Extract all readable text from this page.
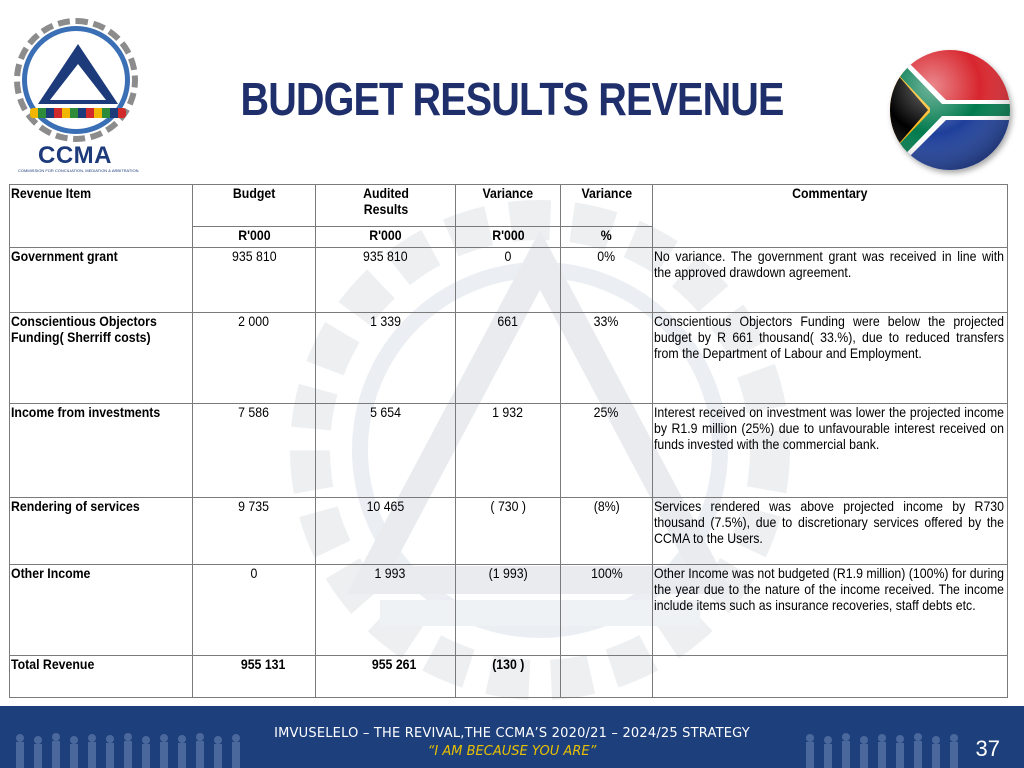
CCMA
COMMISSION FOR CONCILIATION, MEDIATION & ARBITRATION
BUDGET RESULTS REVENUE
Revenue Item	Budget	Audited Results	Variance	Variance	Commentary
	R'000	R'000	R'000	%	
Government grant	935 810	935 810	0	0%	No variance. The government grant was received in line with the approved drawdown agreement.
Conscientious Objectors Funding( Sherriff costs)	2 000	1 339	661	33%	Conscientious Objectors Funding were below the projected budget by R 661 thousand( 33.%), due to reduced transfers from the Department of Labour and Employment.
Income from investments	7 586	5 654	1 932	25%	Interest received on investment was lower the projected income by R1.9 million (25%) due to unfavourable interest received on funds invested with the commercial bank.
Rendering of services	9 735	10 465	( 730 )	(8%)	Services rendered was above projected income by R730 thousand (7.5%), due to discretionary services offered by the CCMA to the Users.
Other Income	0	1 993	(1 993)	100%	Other Income was not budgeted (R1.9 million) (100%) for during the year due to the nature of the income received. The income include items such as insurance recoveries, staff debts etc.
Total Revenue	955 131	955 261	(130 )		
IMVUSELELO – THE REVIVAL,THE CCMA’S 2020/21 – 2024/25 STRATEGY
“I AM BECAUSE YOU ARE”	37
